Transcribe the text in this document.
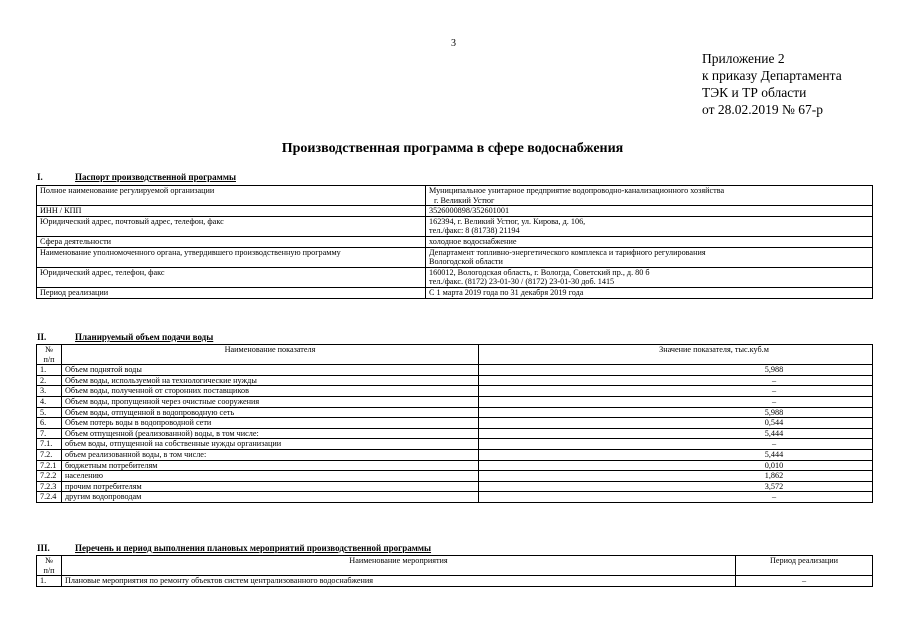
3
Приложение 2
к приказу Департамента
ТЭК и ТР области
от 28.02.2019 № 67-р
Производственная программа в сфере водоснабжения
I.	Паспорт производственной программы
Полное наименование регулируемой организации	Муниципальное унитарное предприятие водопроводно-канализационного хозяйства
г. Великий Устюг

ИНН / КПП	3526000898/352601001
Юридический адрес, почтовый адрес, телефон, факс	162394, г. Великий Устюг, ул. Кирова, д. 106,
тел./факс: 8 (81738) 21194

Сфера деятельности	холодное водоснабжение
Наименование уполномоченного органа, утвердившего производственную программу	Департамент топливно-энергетического комплекса и тарифного регулирования
Вологодской области

Юридический адрес, телефон, факс	160012, Вологодская область, г. Вологда, Советский пр., д. 80 б
тел./факс. (8172) 23-01-30 / (8172) 23-01-30 доб. 1415

Период реализации	С 1 марта 2019 года по 31 декабря 2019 года
II.	Планируемый объем подачи воды
№
п/п	Наименование показателя	Значение показателя, тыс.куб.м
1.	Объем поднятой воды	5,988
2.	Объем воды, используемой на технологические нужды	–
3.	Объем воды, полученной от сторонних поставщиков	–
4.	Объем воды, пропущенной через очистные сооружения	–
5.	Объем воды, отпущенной в водопроводную сеть	5,988
6.	Объем потерь воды в водопроводной сети	0,544
7.	Объем отпущенной (реализованной) воды, в том числе:	5,444
7.1.	объем воды, отпущенной на собственные нужды организации	–
7.2.	объем реализованной воды, в том числе:	5,444
7.2.1	бюджетным потребителям	0,010
7.2.2	населению	1,862
7.2.3	прочим потребителям	3,572
7.2.4	другим водопроводам	–
III.	Перечень и период выполнения плановых мероприятий производственной программы
№
п/п	Наименование мероприятия	Период реализации
1.	Плановые мероприятия по ремонту объектов систем централизованного водоснабжения	–
